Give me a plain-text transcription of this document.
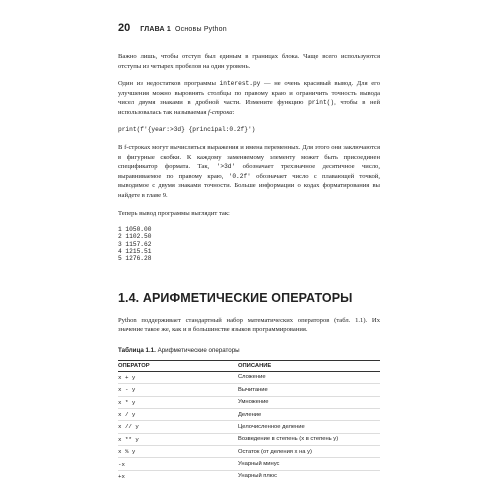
20 ГЛАВА 1 Основы Python

Важно лишь, чтобы отступ был единым в границах блока. Чаще всего используются отступы из четырех пробелов на один уровень.

Один из недостатков программы interest.py — не очень красивый вывод. Для его улучшения можно выровнять столбцы по правому краю и ограничить точность вывода чисел двумя знаками в дробной части. Измените функцию print(), чтобы в ней использовалась так называемая f-строка:

print(f'{year:>3d} {principal:0.2f}')

В f-строках могут вычисляться выражения и имена переменных. Для этого они заключаются в фигурные скобки. К каждому заменяемому элементу может быть присоединен спецификатор формата. Так, '>3d' обозначает трехзначное десятичное число, выравниваемое по правому краю, '0.2f' обозначает число с плавающей точкой, выводимое с двумя знаками точности. Больше информации о кодах форматирования вы найдете в главе 9.

Теперь вывод программы выглядит так:

1 1050.00
2 1102.50
3 1157.62
4 1215.51
5 1276.28
1.4. АРИФМЕТИЧЕСКИЕ ОПЕРАТОРЫ

Python поддерживает стандартный набор математических операторов (табл. 1.1). Их значение такое же, как и в большинстве языков программирования.

Таблица 1.1. Арифметические операторы
ОПЕРАТОР	ОПИСАНИЕ
x + y	Сложение
x - y	Вычитание
x * y	Умножение
x / y	Деление
x // y	Целочисленное деление
x ** y	Возведение в степень (x в степень y)
x % y	Остаток (от деления x на y)
-x	Унарный минус
+x	Унарный плюс
